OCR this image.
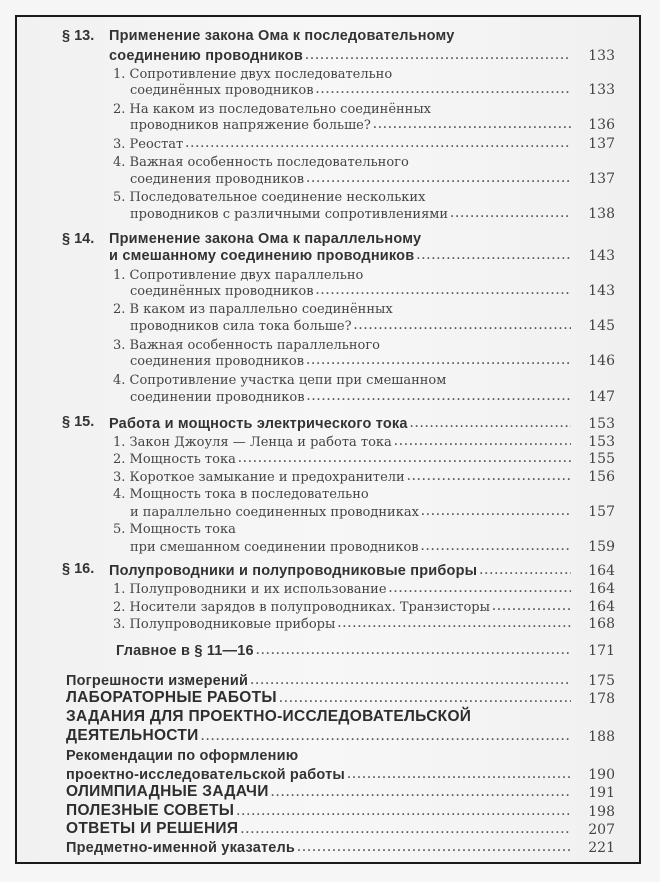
§ 13. Применение закона Ома к последовательному
соединению проводников .....	133
1. Сопротивление двух последовательно
соединённых проводников .....	133
2. На каком из последовательно соединённых
проводников напряжение больше? .....	136
3. Реостат .....	137
4. Важная особенность последовательного
соединения проводников .....	137
5. Последовательное соединение нескольких
проводников с различными сопротивлениями .....	138
§ 14. Применение закона Ома к параллельному
и смешанному соединению проводников .....	143
1. Сопротивление двух параллельно
соединённых проводников .....	143
2. В каком из параллельно соединённых
проводников сила тока больше? .....	145
3. Важная особенность параллельного
соединения проводников .....	146
4. Сопротивление участка цепи при смешанном
соединении проводников .....	147
§ 15. Работа и мощность электрического тока .....	153
1. Закон Джоуля — Ленца и работа тока .....	153
2. Мощность тока .....	155
3. Короткое замыкание и предохранители .....	156
4. Мощность тока в последовательно
и параллельно соединенных проводниках .....	157
5. Мощность тока
при смешанном соединении проводников .....	159
§ 16. Полупроводники и полупроводниковые приборы .....	164
1. Полупроводники и их использование .....	164
2. Носители зарядов в полупроводниках. Транзисторы .....	164
3. Полупроводниковые приборы .....	168
Главное в § 11—16 .....	171
Погрешности измерений .....	175
ЛАБОРАТОРНЫЕ РАБОТЫ .....	178
ЗАДАНИЯ ДЛЯ ПРОЕКТНО-ИССЛЕДОВАТЕЛЬСКОЙ
ДЕЯТЕЛЬНОСТИ .....	188
Рекомендации по оформлению
проектно-исследовательской работы .....	190
ОЛИМПИАДНЫЕ ЗАДАЧИ .....	191
ПОЛЕЗНЫЕ СОВЕТЫ .....	198
ОТВЕТЫ И РЕШЕНИЯ .....	207
Предметно-именной указатель .....	221
